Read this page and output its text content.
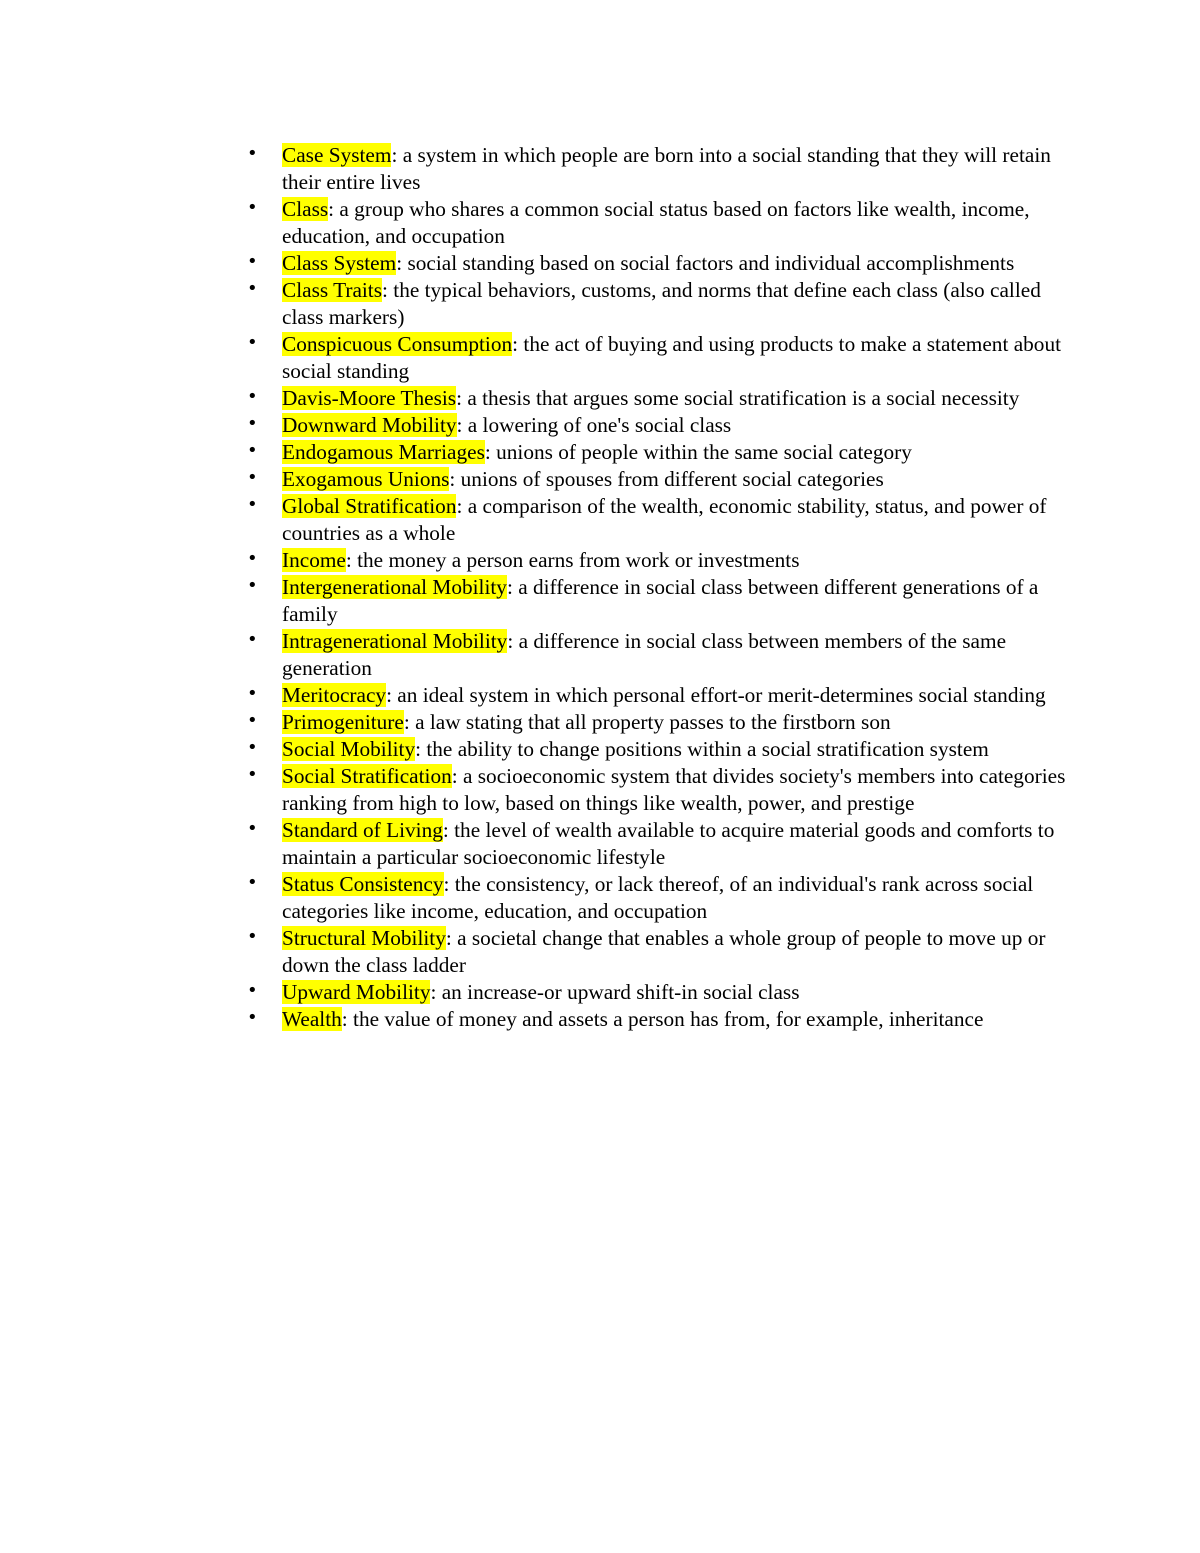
• Case System: a system in which people are born into a social standing that they will retain their entire lives
• Class: a group who shares a common social status based on factors like wealth, income, education, and occupation
• Class System: social standing based on social factors and individual accomplishments
• Class Traits: the typical behaviors, customs, and norms that define each class (also called class markers)
• Conspicuous Consumption: the act of buying and using products to make a statement about social standing
• Davis-Moore Thesis: a thesis that argues some social stratification is a social necessity
• Downward Mobility: a lowering of one's social class
• Endogamous Marriages: unions of people within the same social category
• Exogamous Unions: unions of spouses from different social categories
• Global Stratification: a comparison of the wealth, economic stability, status, and power of countries as a whole
• Income: the money a person earns from work or investments
• Intergenerational Mobility: a difference in social class between different generations of a family
• Intragenerational Mobility: a difference in social class between members of the same generation
• Meritocracy: an ideal system in which personal effort-or merit-determines social standing
• Primogeniture: a law stating that all property passes to the firstborn son
• Social Mobility: the ability to change positions within a social stratification system
• Social Stratification: a socioeconomic system that divides society's members into categories ranking from high to low, based on things like wealth, power, and prestige
• Standard of Living: the level of wealth available to acquire material goods and comforts to maintain a particular socioeconomic lifestyle
• Status Consistency: the consistency, or lack thereof, of an individual's rank across social categories like income, education, and occupation
• Structural Mobility: a societal change that enables a whole group of people to move up or down the class ladder
• Upward Mobility: an increase-or upward shift-in social class
• Wealth: the value of money and assets a person has from, for example, inheritance
